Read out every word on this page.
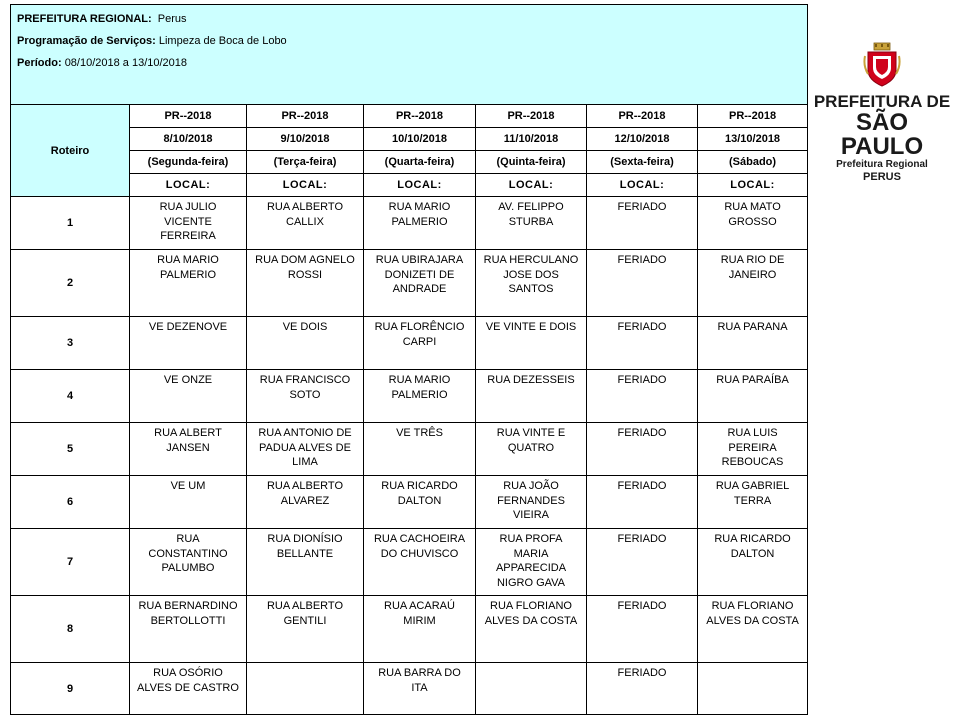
PREFEITURA REGIONAL: Perus
Programação de Serviços: Limpeza de Boca de Lobo
Período: 08/10/2018 a 13/10/2018						

Roteiro	PR--2018	PR--2018	PR--2018	PR--2018	PR--2018	PR--2018
	8/10/2018	9/10/2018	10/10/2018	11/10/2018	12/10/2018	13/10/2018
	(Segunda-feira)	(Terça-feira)	(Quarta-feira)	(Quinta-feira)	(Sexta-feira)	(Sábado)
	LOCAL:	LOCAL:	LOCAL:	LOCAL:	LOCAL:	LOCAL:
1	RUA JULIO VICENTE FERREIRA	RUA ALBERTO CALLIX	RUA MARIO PALMERIO	AV. FELIPPO STURBA	FERIADO	RUA MATO GROSSO
2	RUA MARIO PALMERIO	RUA DOM AGNELO ROSSI	RUA UBIRAJARA DONIZETI DE ANDRADE	RUA HERCULANO JOSE DOS SANTOS	FERIADO	RUA RIO DE JANEIRO
3	VE DEZENOVE	VE DOIS	RUA FLORÊNCIO CARPI	VE VINTE E DOIS	FERIADO	RUA PARANA
4	VE ONZE	RUA FRANCISCO SOTO	RUA MARIO PALMERIO	RUA DEZESSEIS	FERIADO	RUA PARAÍBA
5	RUA ALBERT JANSEN	RUA ANTONIO DE PADUA ALVES DE LIMA	VE TRÊS	RUA VINTE E QUATRO	FERIADO	RUA LUIS PEREIRA REBOUCAS
6	VE UM	RUA ALBERTO ALVAREZ	RUA RICARDO DALTON	RUA JOÃO FERNANDES VIEIRA	FERIADO	RUA GABRIEL TERRA
7	RUA CONSTANTINO PALUMBO	RUA DIONÍSIO BELLANTE	RUA CACHOEIRA DO CHUVISCO	RUA PROFA MARIA APPARECIDA NIGRO GAVA	FERIADO	RUA RICARDO DALTON
8	RUA BERNARDINO BERTOLLOTTI	RUA ALBERTO GENTILI	RUA ACARAÚ MIRIM	RUA FLORIANO ALVES DA COSTA	FERIADO	RUA FLORIANO ALVES DA COSTA
9	RUA OSÓRIO ALVES DE CASTRO		RUA BARRA DO ITA		FERIADO	
PREFEITURA DE
SÃO PAULO
Prefeitura Regional
PERUS
